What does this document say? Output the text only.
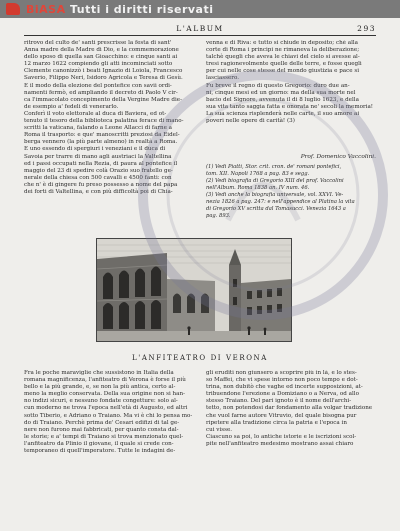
BiASA Tutti i diritti riservati
L'ALBUM	293
ritrovo del culto de' santi prescrisse la festa di sant'
Anna madre della Madre di Dio, e la commemorazione
dello sposo di quella san Gioacchino: e cinque santi ai
12 marzo 1622 compiendo gli atti incominciati sotto
Clemente canonizzò i beati Ignazio di Loiola, Francesco
Saverio, Filippo Neri, Isidoro Agricola e Teresa di Gesù.
E il modo della elezione del pontefice con savii ordi-
namenti fermò, ed ampliando il decreto di Paolo V cir-
ca l'immacolato concepimento della Vergine Madre die-
de esempio a' fedeli di venerarlo.
Conferì il voto elettorale al duca di Baviera, ed ot-
tenuto il tesoro della biblioteca palatina ferace di mano-
scritti la vaticana, falando a Leone Allacci di farne a
Roma il trasporto: e que' manoscritti preziosi da Eidel-
berga vennero (la più parte almeno) in realtà a Roma.
E uno essendo di spergiuri i veneziani e il duca di
Savoia per trarre di mano agli austriaci la Valtellina
ed i passi occupati nella Rezia, di paura al pontefice il
maggio del 23 di spedire colà Orazio suo fratello ge-
nerale della chiesa con 500 cavalli e 4500 fanti: con
che n' è di gingere fu preso possesso a nome del papa
dei forti di Valtellina, e con più difficoltà poi di Chia-
venna e di Riva: e tutto si chiude in deposito; chè alla
corte di Roma i principi ne rimaneva la deliberazione;
talchè quegli che aveva le chiavi del cielo si avesse al-
tresi ragionevolmente quelle delle terre, e fosse quegli
per cui nelle cose stesse del mondo giustizia e pace si
lasciassero.
Fu breve il regno di questo Gregorio: duro due an-
ni, cinque mesi ed un giorno: ma della sua morte nel
bacio del Signore, avvenuta il di 8 luglio 1623, e della
sua vita tanto saggia fatta e onorata ne' secoli la memoria!
La sua scienza risplenderà nelle carte, il suo amore ai
poveri nelle opere di carità! (3)
Prof. Domenico Vaccolini.
(1) Vedi Piatti, Stor. crit. cron. de' romani pontefici,
tom. XII. Napoli 1768 a pag. 83 e segg.
(2) Vedi biografia di Gregorio XIII del prof. Vaccolini
nell'Album. Roma 1838 an. IV num. 46.
(3) Vedi anche la biografia universale, vol. XXVI. Ve-
nezia 1826 a pag. 247: e nell'appendice al Platina la vita
di Gregorio XV scritta dal Tomasucci. Venezia 1643 a
pag. 893.
L'ANFITEATRO DI VERONA
Fra le poche maraviglie che sussistono in Italia della
romana magnificenza, l'anfiteatro di Verona è forse il più
bello e la più grande, e, se non la più antica, certo al-
meno la meglio conservata. Della sua origine non si han-
no indizi sicuri, e nessuno fondate congetture: solo al-
cun moderno ne trova l'epoca nell'età di Augusto, ed altri
sotto Tiberio, e Adriano o Traiano. Ma vi è chi lo pensa mo-
do di Traiano. Perchè prima de' Cesari edifizi di tal ge-
nere non furono mai fabbricati, per quanto consta dal-
le storie; e a' tempi di Traiano si trova menzionato quel-
l'anfiteatro da Plinio il giovane, il quale si crede con-
temporaneo di quell'imperatore. Tutte le indagini de-
gli eruditi non giunsero a scoprire più in là, e lo stes-
so Maffei, che vi spese intorno non poco tempo e dot-
trina, non dubitò che vaghe ed incerte supposizioni, at-
tribuendone l'erezione a Domiziano o a Nerva, od allo
stesso Traiano. Del pari ignoto è il nome dell'archi-
tetto, non potendosi dar fondamento alla volgar tradizione
che vuol farne autore Vitruvio, del quale bisogna pur
ripetere alla tradizione circa la patria e l'epoca in
cui visse.
Ciascuno sa poi, lo antiche istorie e le iscrizioni scol-
pite nell'anfiteatro medesimo mostrano assai chiaro
